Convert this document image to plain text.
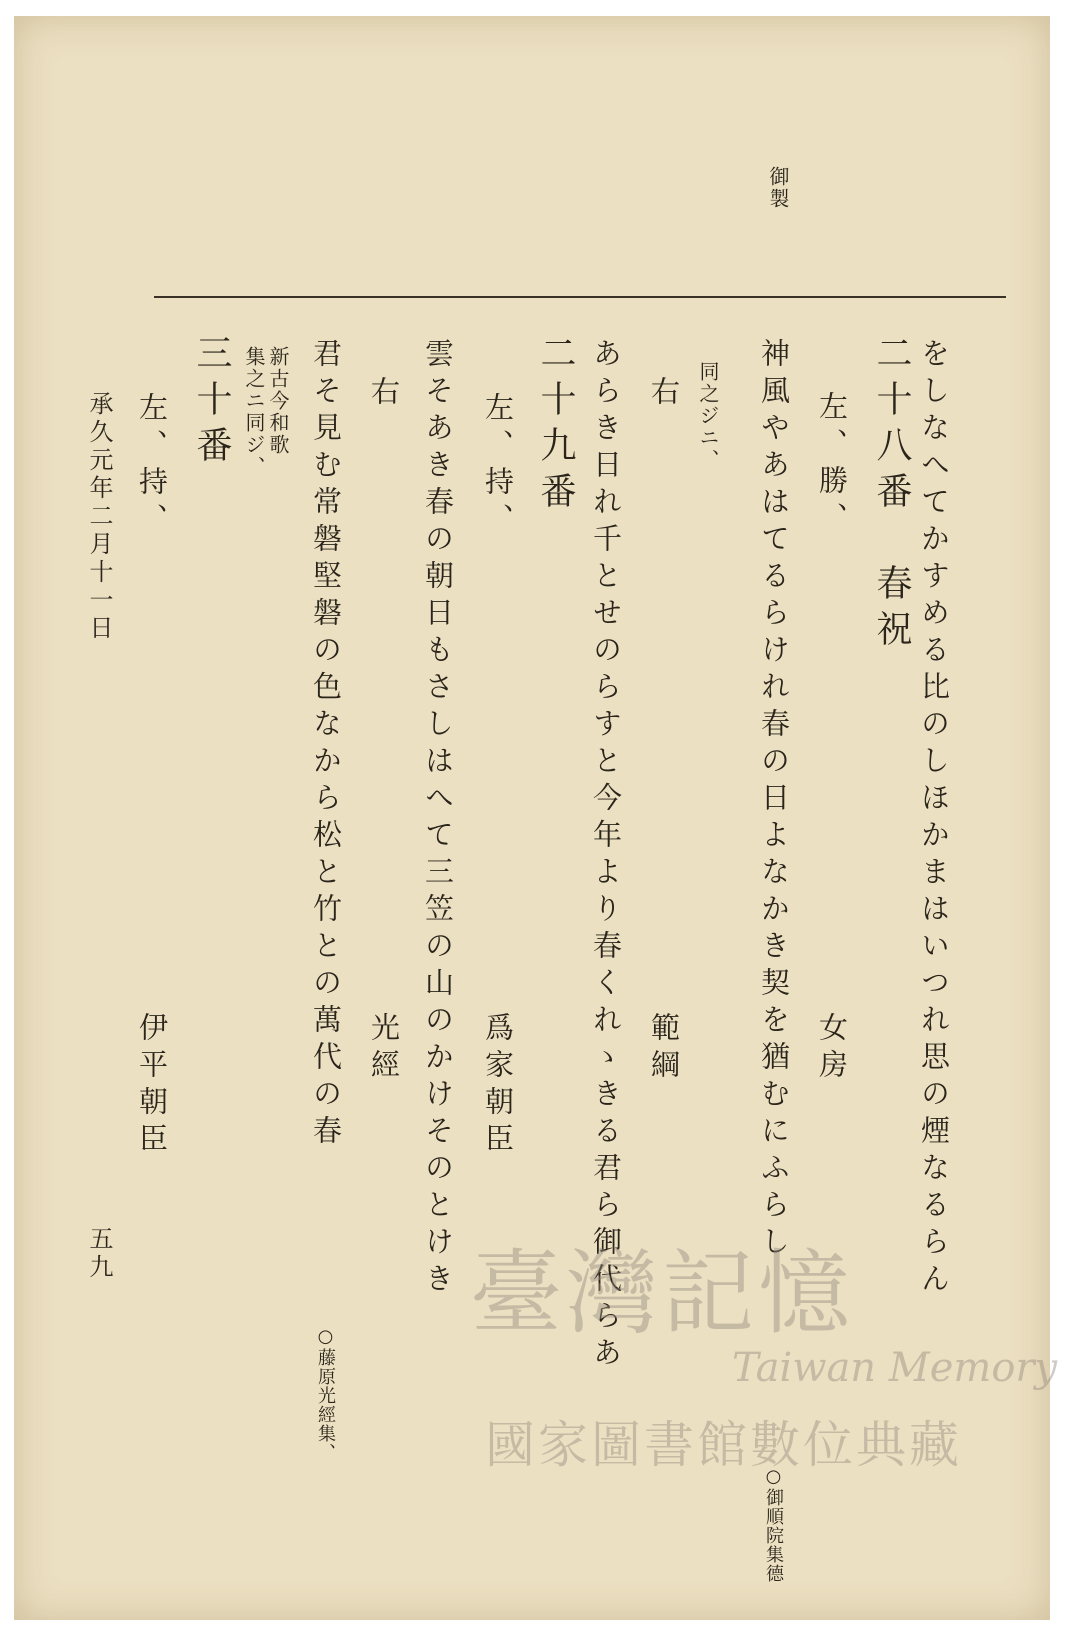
御製
をしなへてかすめる比のしほかまはいつれ思の煙なるらん
二十八番　春祝
左、勝、
女房
神風やあはてるらけれ春の日よなかき契を猶むにふらし
○御順院集德
右
範綱
同之ジニ、
あらき日れ千とせのらすと今年より春くれゝきる君ら御代らあ
二十九番
左、持、
爲家朝臣
雲そあき春の朝日もさしはへて三笠の山のかけそのとけき
右
光經
君そ見む常磐堅磐の色なから松と竹との萬代の春
○藤原光經集、
新古今和歌
集之ニ同ジ、
三十番
左、持、
伊平朝臣
承久元年二月十一日
五九	臺灣記憶
Taiwan Memory
國家圖書館數位典藏
